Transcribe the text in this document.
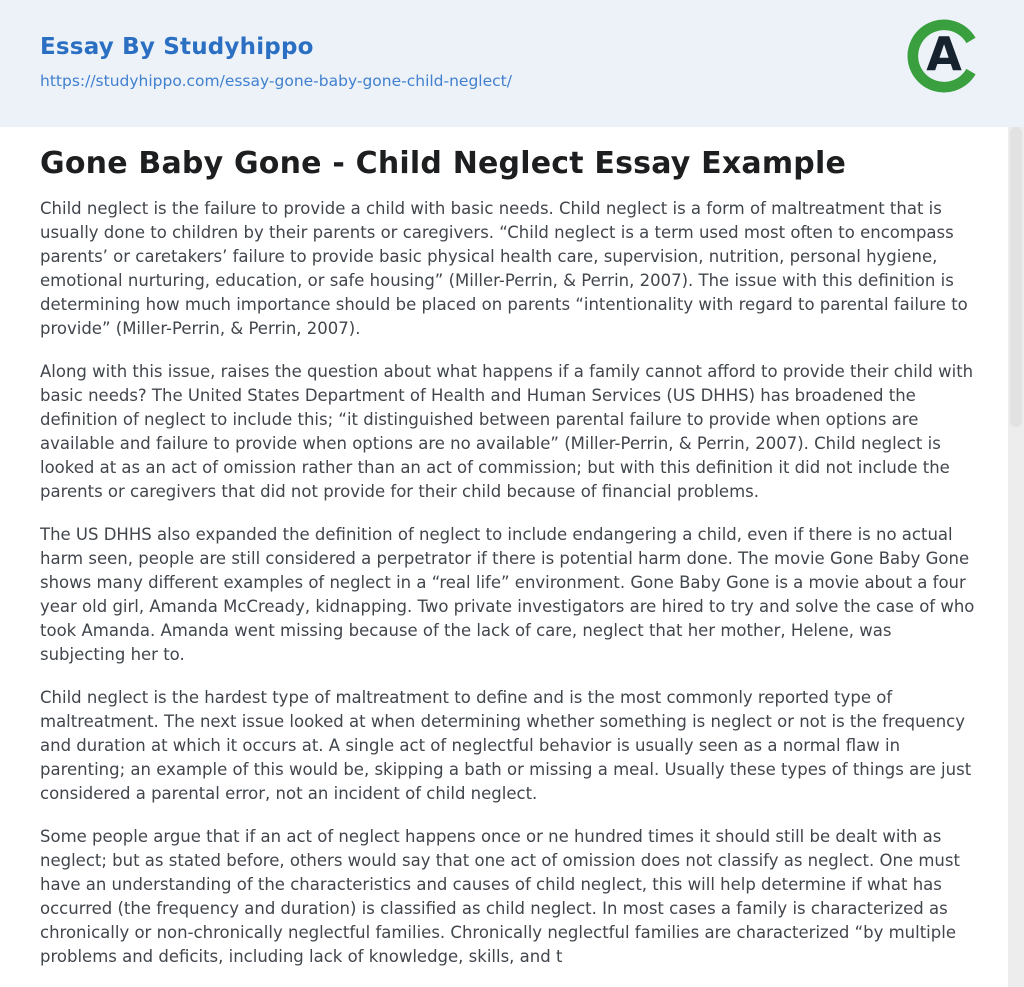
Essay By Studyhippo
https://studyhippo.com/essay-gone-baby-gone-child-neglect/	A
Gone Baby Gone - Child Neglect Essay Example

Child neglect is the failure to provide a child with basic needs. Child neglect is a form of maltreatment that is usually done to children by their parents or caregivers. “Child neglect is a term used most often to encompass parents’ or caretakers’ failure to provide basic physical health care, supervision, nutrition, personal hygiene, emotional nurturing, education, or safe housing” (Miller-Perrin, & Perrin, 2007). The issue with this definition is determining how much importance should be placed on parents “intentionality with regard to parental failure to provide” (Miller-Perrin, & Perrin, 2007).

Along with this issue, raises the question about what happens if a family cannot afford to provide their child with basic needs? The United States Department of Health and Human Services (US DHHS) has broadened the definition of neglect to include this; “it distinguished between parental failure to provide when options are available and failure to provide when options are no available” (Miller-Perrin, & Perrin, 2007). Child neglect is looked at as an act of omission rather than an act of commission; but with this definition it did not include the parents or caregivers that did not provide for their child because of financial problems.

The US DHHS also expanded the definition of neglect to include endangering a child, even if there is no actual harm seen, people are still considered a perpetrator if there is potential harm done. The movie Gone Baby Gone shows many different examples of neglect in a “real life” environment. Gone Baby Gone is a movie about a four year old girl, Amanda McCready, kidnapping. Two private investigators are hired to try and solve the case of who took Amanda. Amanda went missing because of the lack of care, neglect that her mother, Helene, was subjecting her to.

Child neglect is the hardest type of maltreatment to define and is the most commonly reported type of maltreatment. The next issue looked at when determining whether something is neglect or not is the frequency and duration at which it occurs at. A single act of neglectful behavior is usually seen as a normal flaw in parenting; an example of this would be, skipping a bath or missing a meal. Usually these types of things are just considered a parental error, not an incident of child neglect.

Some people argue that if an act of neglect happens once or ne hundred times it should still be dealt with as neglect; but as stated before, others would say that one act of omission does not classify as neglect. One must have an understanding of the characteristics and causes of child neglect, this will help determine if what has occurred (the frequency and duration) is classified as child neglect. In most cases a family is characterized as chronically or non-chronically neglectful families. Chronically neglectful families are characterized “by multiple problems and deficits, including lack of knowledge, skills, and t
